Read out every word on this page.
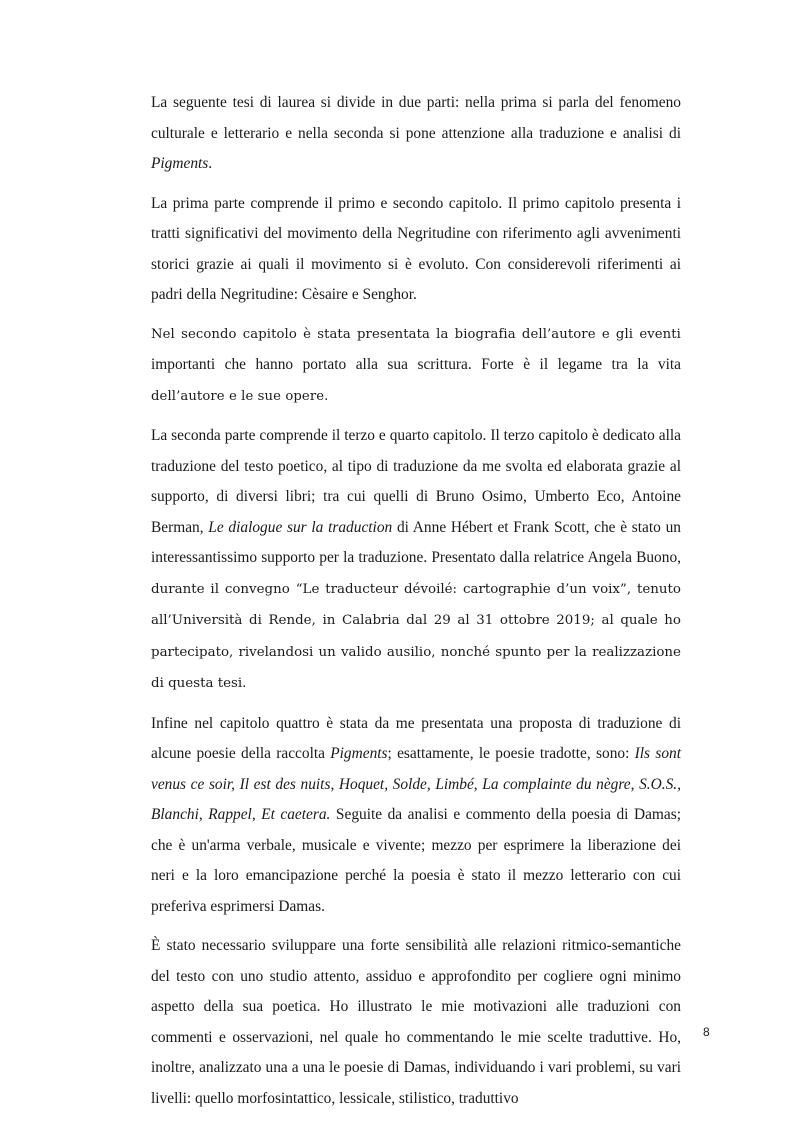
La seguente tesi di laurea si divide in due parti: nella prima si parla del fenomeno culturale e letterario e nella seconda si pone attenzione alla traduzione e analisi di Pigments.

La prima parte comprende il primo e secondo capitolo. Il primo capitolo presenta i tratti significativi del movimento della Negritudine con riferimento agli avvenimenti storici grazie ai quali il movimento si è evoluto. Con considerevoli riferimenti ai padri della Negritudine: Cèsaire e Senghor.

Nel secondo capitolo è stata presentata la biografia dell’autore e gli eventi importanti che hanno portato alla sua scrittura. Forte è il legame tra la vita dell’autore e le sue opere.

La seconda parte comprende il terzo e quarto capitolo. Il terzo capitolo è dedicato alla traduzione del testo poetico, al tipo di traduzione da me svolta ed elaborata grazie al supporto, di diversi libri; tra cui quelli di Bruno Osimo, Umberto Eco, Antoine Berman, Le dialogue sur la traduction di Anne Hébert et Frank Scott, che è stato un interessantissimo supporto per la traduzione. Presentato dalla relatrice Angela Buono, durante il convegno “Le traducteur dévoilé: cartographie d’un voix”, tenuto all’Università di Rende, in Calabria dal 29 al 31 ottobre 2019; al quale ho partecipato, rivelandosi un valido ausilio, nonché spunto per la realizzazione di questa tesi.

Infine nel capitolo quattro è stata da me presentata una proposta di traduzione di alcune poesie della raccolta Pigments; esattamente, le poesie tradotte, sono: Ils sont venus ce soir, Il est des nuits, Hoquet, Solde, Limbé, La complainte du nègre, S.O.S., Blanchi, Rappel, Et caetera. Seguite da analisi e commento della poesia di Damas; che è un'arma verbale, musicale e vivente; mezzo per esprimere la liberazione dei neri e la loro emancipazione perché la poesia è stato il mezzo letterario con cui preferiva esprimersi Damas.

È stato necessario sviluppare una forte sensibilità alle relazioni ritmico-semantiche del testo con uno studio attento, assiduo e approfondito per cogliere ogni minimo aspetto della sua poetica. Ho illustrato le mie motivazioni alle traduzioni con commenti e osservazioni, nel quale ho commentando le mie scelte traduttive. Ho, inoltre, analizzato una a una le poesie di Damas, individuando i vari problemi, su vari livelli: quello morfosintattico, lessicale, stilistico, traduttivo

8
